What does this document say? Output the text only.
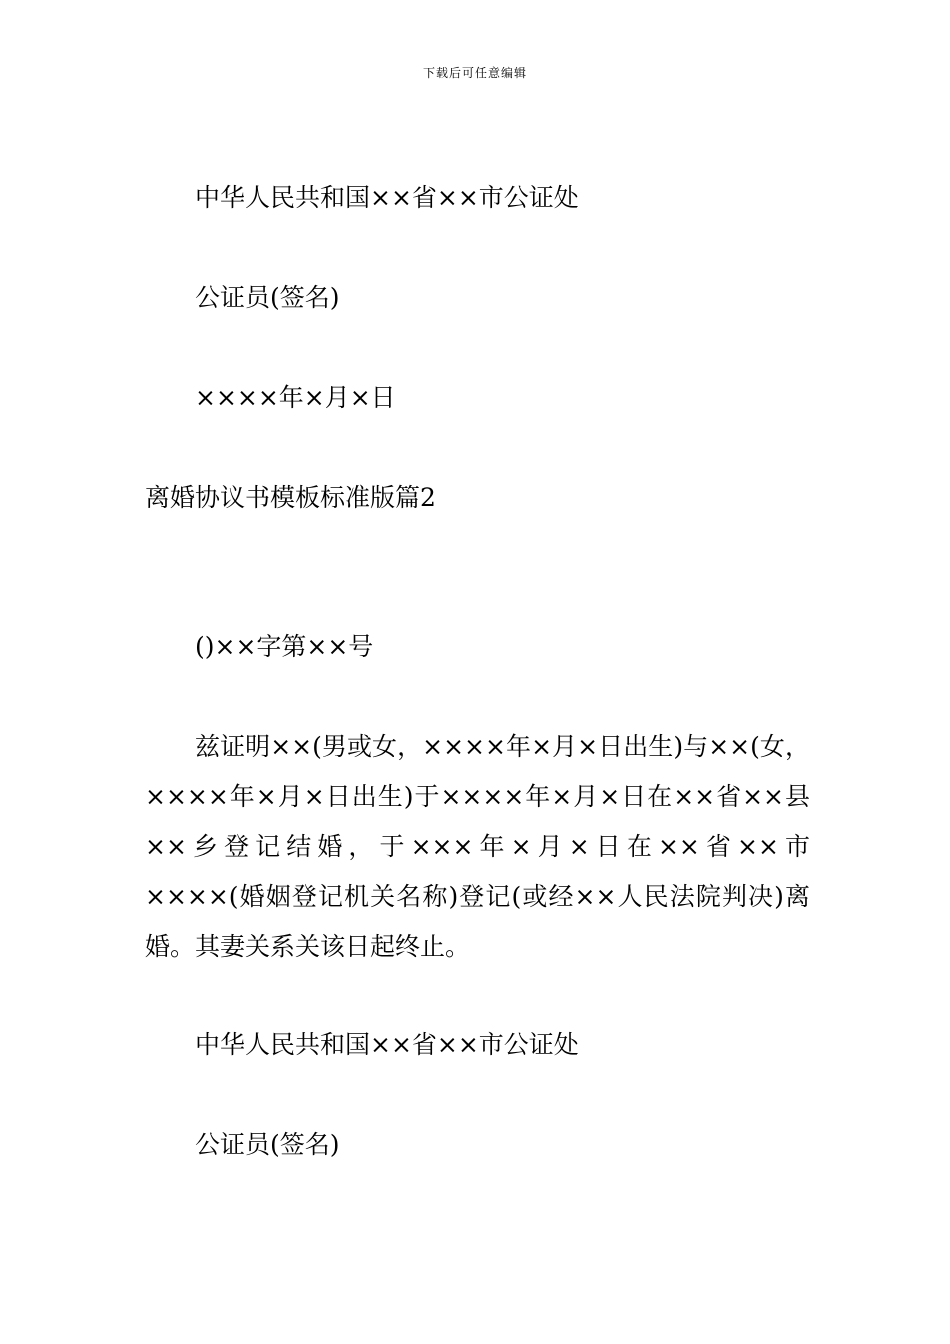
下载后可任意编辑
中华人民共和国××省××市公证处
公证员(签名)
××××年×月×日
离婚协议书模板标准版篇2
()××字第××号
兹证明××(男或女，××××年×月×日出生)与××(女，××××年×月×日出生)于××××年×月×日在××省××县××乡登记结婚，于×××年×月×日在××省××市××××(婚姻登记机关名称)登记(或经××人民法院判决)离婚。其妻关系关该日起终止。
中华人民共和国××省××市公证处
公证员(签名)
